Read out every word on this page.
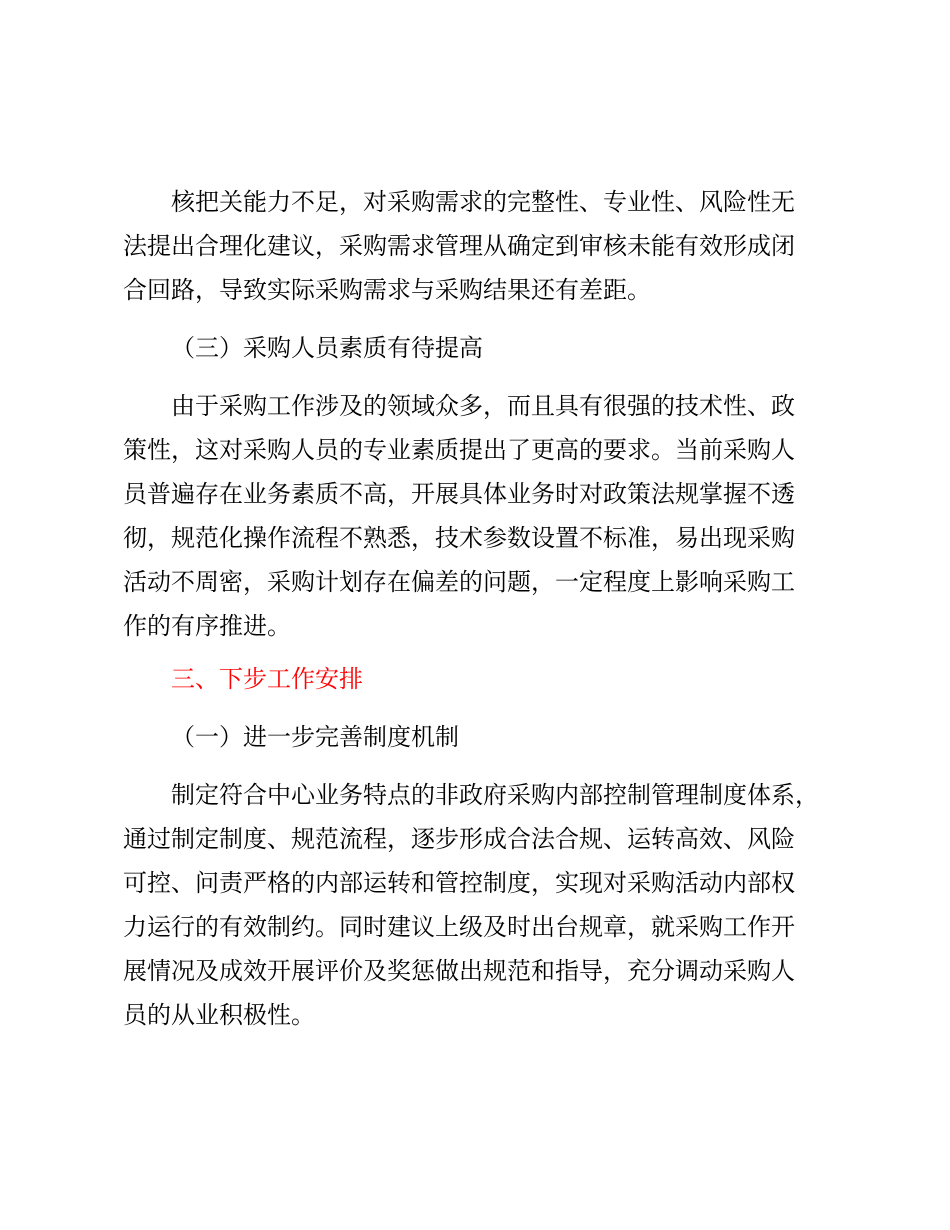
核把关能力不足，对采购需求的完整性、专业性、风险性无
法提出合理化建议，采购需求管理从确定到审核未能有效形成闭
合回路，导致实际采购需求与采购结果还有差距。
（三）采购人员素质有待提高
由于采购工作涉及的领域众多，而且具有很强的技术性、政
策性，这对采购人员的专业素质提出了更高的要求。当前采购人
员普遍存在业务素质不高，开展具体业务时对政策法规掌握不透
彻，规范化操作流程不熟悉，技术参数设置不标准，易出现采购
活动不周密，采购计划存在偏差的问题，一定程度上影响采购工
作的有序推进。
三、下步工作安排
（一）进一步完善制度机制
制定符合中心业务特点的非政府采购内部控制管理制度体系，
通过制定制度、规范流程，逐步形成合法合规、运转高效、风险
可控、问责严格的内部运转和管控制度，实现对采购活动内部权
力运行的有效制约。同时建议上级及时出台规章，就采购工作开
展情况及成效开展评价及奖惩做出规范和指导，充分调动采购人
员的从业积极性。
